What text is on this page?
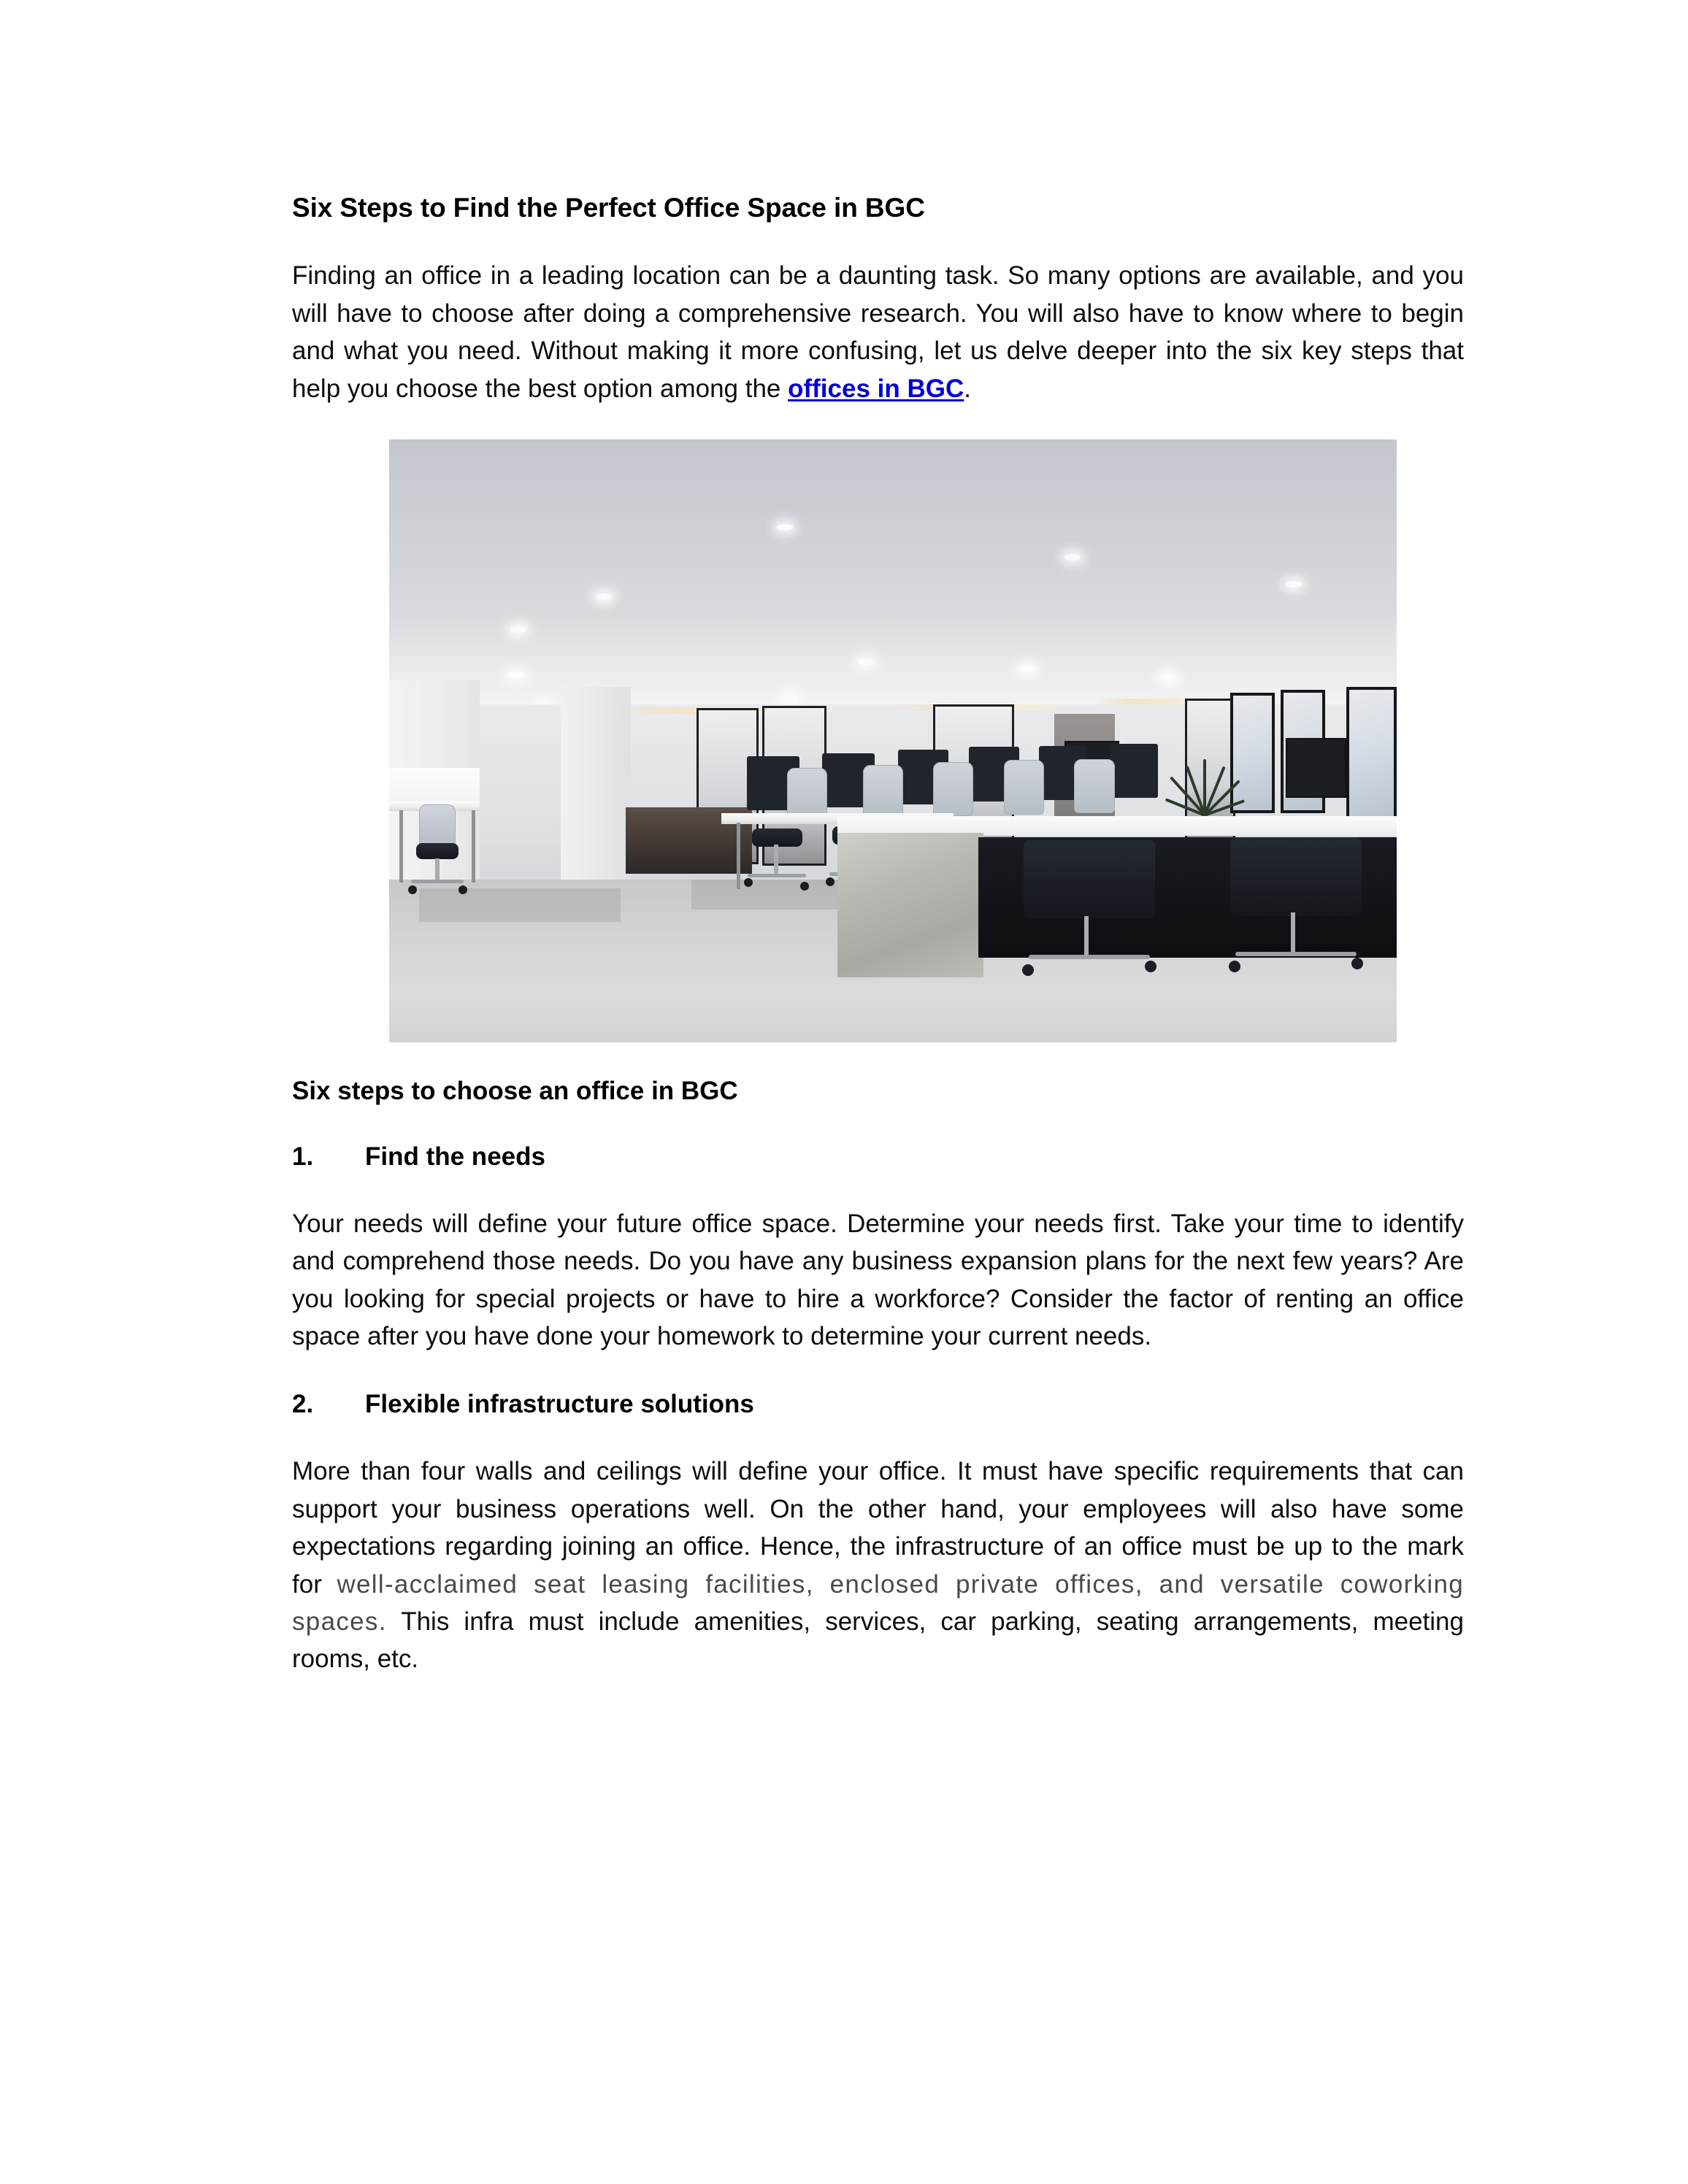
Six Steps to Find the Perfect Office Space in BGC

Finding an office in a leading location can be a daunting task. So many options are available, and you will have to choose after doing a comprehensive research. You will also have to know where to begin and what you need. Without making it more confusing, let us delve deeper into the six key steps that help you choose the best option among the offices in BGC.

Six steps to choose an office in BGC
1.	Find the needs

Your needs will define your future office space. Determine your needs first. Take your time to identify and comprehend those needs. Do you have any business expansion plans for the next few years? Are you looking for special projects or have to hire a workforce? Consider the factor of renting an office space after you have done your homework to determine your current needs.

2.	Flexible infrastructure solutions

More than four walls and ceilings will define your office. It must have specific requirements that can support your business operations well. On the other hand, your employees will also have some expectations regarding joining an office. Hence, the infrastructure of an office must be up to the mark for well-acclaimed seat leasing facilities, enclosed private offices, and versatile coworking spaces. This infra must include amenities, services, car parking, seating arrangements, meeting rooms, etc.
